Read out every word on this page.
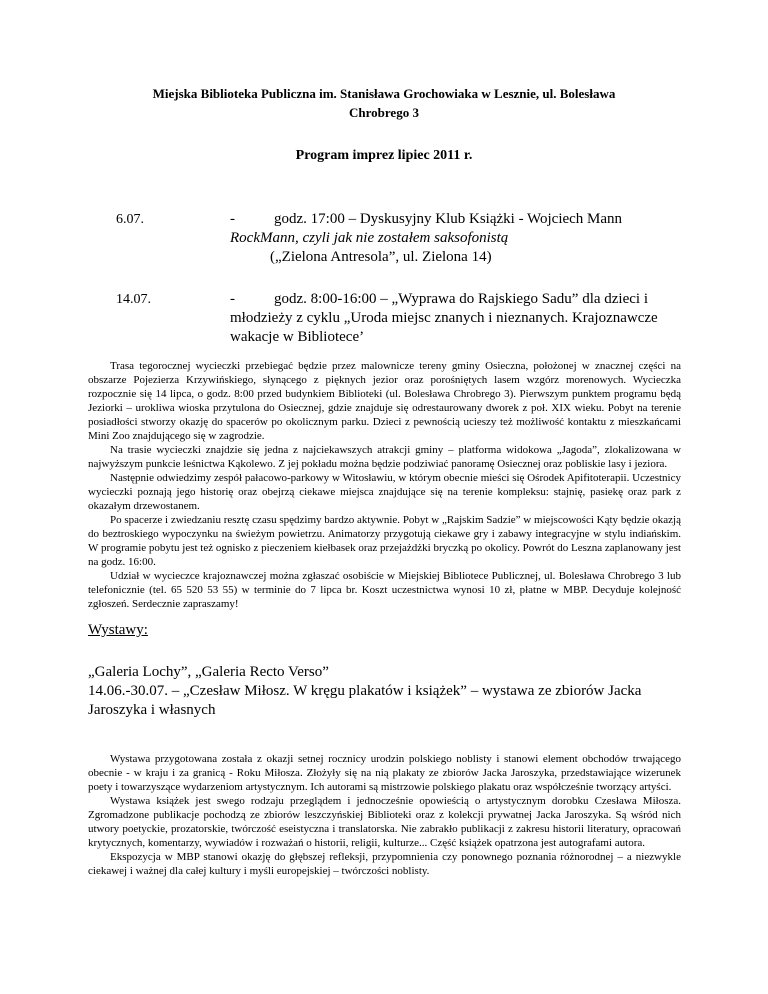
Miejska Biblioteka Publiczna im. Stanisława Grochowiaka w Lesznie, ul. Bolesława
Chrobrego 3
Program imprez lipiec 2011 r.
6.07.	-	godz. 17:00 – Dyskusyjny Klub Książki - Wojciech Mann
RockMann, czyli jak nie zostałem saksofonistą
(„Zielona Antresola”, ul. Zielona 14)
14.07.	-	godz. 8:00-16:00 – „Wyprawa do Rajskiego Sadu” dla dzieci i
młodzieży z cyklu „Uroda miejsc znanych i nieznanych. Krajoznawcze
wakacje w Bibliotece’

Trasa tegorocznej wycieczki przebiegać będzie przez malownicze tereny gminy Osieczna, położonej w znacznej części na obszarze Pojezierza Krzywińskiego, słynącego z pięknych jezior oraz porośniętych lasem wzgórz morenowych. Wycieczka rozpocznie się 14 lipca, o godz. 8:00 przed budynkiem Biblioteki (ul. Bolesława Chrobrego 3). Pierwszym punktem programu będą Jeziorki – urokliwa wioska przytulona do Osiecznej, gdzie znajduje się odrestaurowany dworek z poł. XIX wieku. Pobyt na terenie posiadłości stworzy okazję do spacerów po okolicznym parku. Dzieci z pewnością ucieszy też możliwość kontaktu z mieszkańcami Mini Zoo znajdującego się w zagrodzie.

Na trasie wycieczki znajdzie się jedna z najciekawszych atrakcji gminy – platforma widokowa „Jagoda”, zlokalizowana w najwyższym punkcie leśnictwa Kąkolewo. Z jej pokładu można będzie podziwiać panoramę Osiecznej oraz pobliskie lasy i jeziora.

Następnie odwiedzimy zespół pałacowo-parkowy w Witosławiu, w którym obecnie mieści się Ośrodek Apifitoterapii. Uczestnicy wycieczki poznają jego historię oraz obejrzą ciekawe miejsca znajdujące się na terenie kompleksu: stajnię, pasiekę oraz park z okazałym drzewostanem.

Po spacerze i zwiedzaniu resztę czasu spędzimy bardzo aktywnie. Pobyt w „Rajskim Sadzie” w miejscowości Kąty będzie okazją do beztroskiego wypoczynku na świeżym powietrzu. Animatorzy przygotują ciekawe gry i zabawy integracyjne w stylu indiańskim. W programie pobytu jest też ognisko z pieczeniem kiełbasek oraz przejażdżki bryczką po okolicy. Powrót do Leszna zaplanowany jest na godz. 16:00.

Udział w wycieczce krajoznawczej można zgłaszać osobiście w Miejskiej Bibliotece Publicznej, ul. Bolesława Chrobrego 3 lub telefonicznie (tel. 65 520 53 55) w terminie do 7 lipca br. Koszt uczestnictwa wynosi 10 zł, płatne w MBP. Decyduje kolejność zgłoszeń. Serdecznie zapraszamy!

Wystawy:

„Galeria Lochy”, „Galeria Recto Verso”

14.06.-30.07. – „Czesław Miłosz. W kręgu plakatów i książek” – wystawa ze zbiorów Jacka Jaroszyka i własnych

Wystawa przygotowana została z okazji setnej rocznicy urodzin polskiego noblisty i stanowi element obchodów trwającego obecnie - w kraju i za granicą - Roku Miłosza. Złożyły się na nią plakaty ze zbiorów Jacka Jaroszyka, przedstawiające wizerunek poety i towarzyszące wydarzeniom artystycznym. Ich autorami są mistrzowie polskiego plakatu oraz współcześnie tworzący artyści.

Wystawa książek jest swego rodzaju przeglądem i jednocześnie opowieścią o artystycznym dorobku Czesława Miłosza. Zgromadzone publikacje pochodzą ze zbiorów leszczyńskiej Biblioteki oraz z kolekcji prywatnej Jacka Jaroszyka. Są wśród nich utwory poetyckie, prozatorskie, twórczość eseistyczna i translatorska. Nie zabrakło publikacji z zakresu historii literatury, opracowań krytycznych, komentarzy, wywiadów i rozważań o historii, religii, kulturze... Część książek opatrzona jest autografami autora.

Ekspozycja w MBP stanowi okazję do głębszej refleksji, przypomnienia czy ponownego poznania różnorodnej – a niezwykle ciekawej i ważnej dla całej kultury i myśli europejskiej – twórczości noblisty.
